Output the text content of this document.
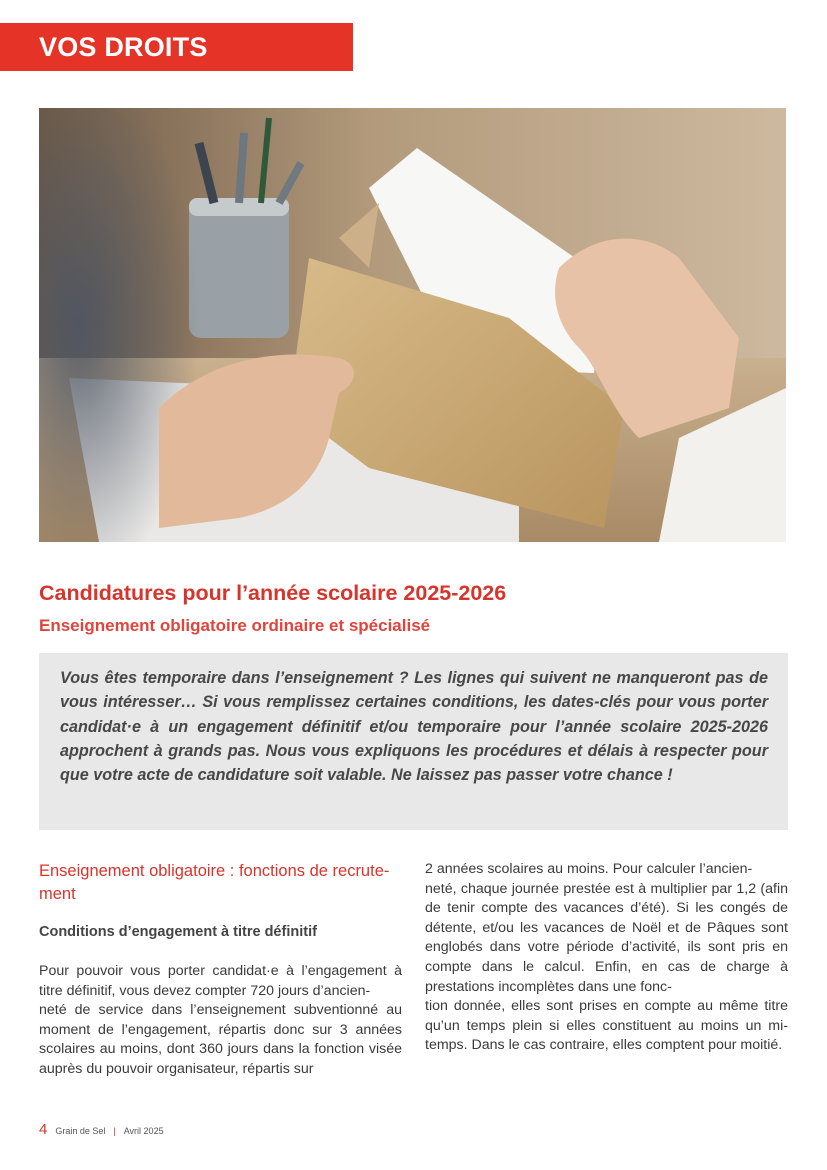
VOS DROITS
Candidatures pour l’année scolaire 2025-2026
Enseignement obligatoire ordinaire et spécialisé

Vous êtes temporaire dans l’enseignement ? Les lignes qui suivent ne manqueront pas de vous intéresser… Si vous remplissez certaines conditions, les dates-clés pour vous porter candidat·e à un engagement définitif et/ou temporaire pour l’année scolaire 2025-2026 approchent à grands pas. Nous vous expliquons les procédures et délais à respecter pour que votre acte de candidature soit valable. Ne laissez pas passer votre chance !

Enseignement obligatoire : fonctions de recrute-
ment
Conditions d’engagement à titre définitif

Pour pouvoir vous porter candidat·e à l’engagement à titre définitif, vous devez compter 720 jours d’ancien-
neté de service dans l’enseignement subventionné au moment de l’engagement, répartis donc sur 3 années scolaires au moins, dont 360 jours dans la fonction visée auprès du pouvoir organisateur, répartis sur

2 années scolaires au moins. Pour calculer l’ancien-
neté, chaque journée prestée est à multiplier par 1,2 (afin de tenir compte des vacances d’été). Si les congés de détente, et/ou les vacances de Noël et de Pâques sont englobés dans votre période d’activité, ils sont pris en compte dans le calcul. Enfin, en cas de charge à prestations incomplètes dans une fonc-
tion donnée, elles sont prises en compte au même titre qu’un temps plein si elles constituent au moins un mi-temps. Dans le cas contraire, elles comptent pour moitié.

4 Grain de Sel | Avril 2025
